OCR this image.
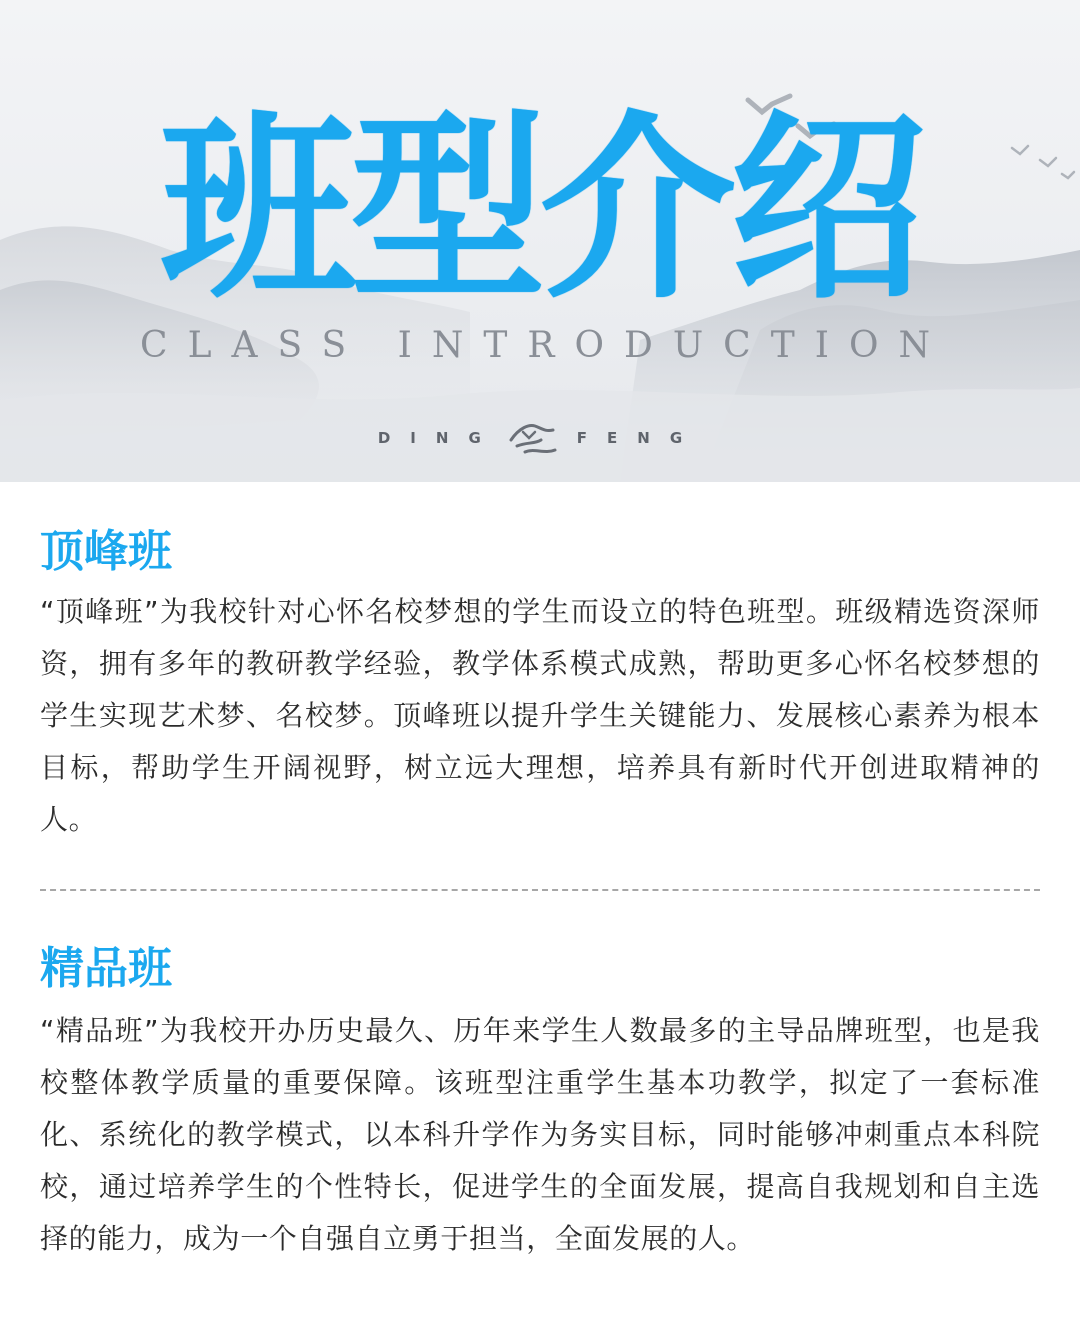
班型介绍
CLASS INTRODUCTION
DING	FENG
顶峰班

“顶峰班”为我校针对心怀名校梦想的学生而设立的特色班型。班级精选资深师资，拥有多年的教研教学经验，教学体系模式成熟，帮助更多心怀名校梦想的学生实现艺术梦、名校梦。顶峰班以提升学生关键能力、发展核心素养为根本目标，帮助学生开阔视野，树立远大理想，培养具有新时代开创进取精神的人。

精品班

“精品班”为我校开办历史最久、历年来学生人数最多的主导品牌班型，也是我校整体教学质量的重要保障。该班型注重学生基本功教学，拟定了一套标准化、系统化的教学模式，以本科升学作为务实目标，同时能够冲刺重点本科院校，通过培养学生的个性特长，促进学生的全面发展，提高自我规划和自主选择的能力，成为一个自强自立勇于担当，全面发展的人。
